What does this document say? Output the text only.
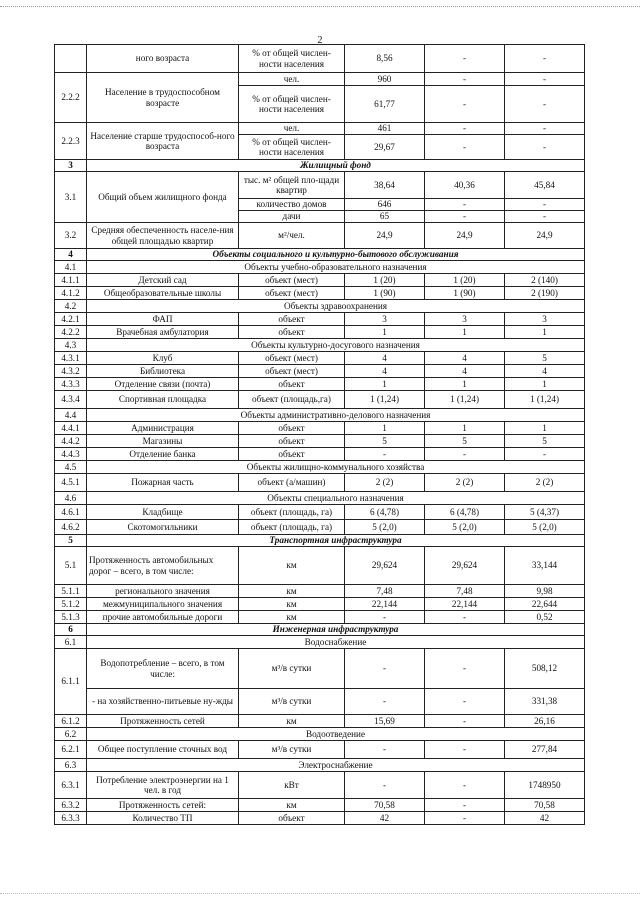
2
	ного возраста	% от общей числен-ности населения	8,56	-	-
2.2.2	Население в трудоспособном возрасте	чел.	960	-	-
		% от общей числен-ности населения	61,77	-	-
2.2.3	Население старше трудоспособ-ного возраста	чел.	461	-	-
		% от общей числен-ности населения	29,67	-	-
3	Жилищный фонд				
3.1	Общий объем жилищного фонда	тыс. м² общей пло-щади квартир	38,64	40,36	45,84
		количество домов	646	-	-
		дачи	65	-	-
3.2	Средняя обеспеченность населе-ния общей площадью квартир	м²/чел.	24,9	24,9	24,9
4	Объекты социального и культурно-бытового обслуживания				
4.1	Объекты учебно-образовательного назначения				
4.1.1	Детский сад	объект (мест)	1 (20)	1 (20)	2 (140)
4.1.2	Общеобразовательные школы	объект (мест)	1 (90)	1 (90)	2 (190)
4.2	Объекты здравоохранения				
4.2.1	ФАП	объект	3	3	3
4.2.2	Врачебная амбулатория	объект	1	1	1
4.3	Объекты культурно-досугового назначения				
4.3.1	Клуб	объект (мест)	4	4	5
4.3.2	Библиотека	объект (мест)	4	4	4
4.3.3	Отделение связи (почта)	объект	1	1	1
4.3.4	Спортивная площадка	объект (площадь,га)	1 (1,24)	1 (1,24)	1 (1,24)
4.4	Объекты административно-делового назначения				
4.4.1	Администрация	объект	1	1	1
4.4.2	Магазины	объект	5	5	5
4.4.3	Отделение банка	объект	-	-	-
4.5	Объекты жилищно-коммунального хозяйства				
4.5.1	Пожарная часть	объект (а/машин)	2 (2)	2 (2)	2 (2)
4.6	Объекты специального назначения				
4.6.1	Кладбище	объект (площадь, га)	6 (4,78)	6 (4,78)	5 (4,37)
4.6.2	Скотомогильники	объект (площадь, га)	5 (2,0)	5 (2,0)	5 (2,0)
5	Транспортная инфраструктура				
5.1	Протяженность автомобильных дорог – всего, в том числе:	км	29,624	29,624	33,144
5.1.1	регионального значения	км	7,48	7,48	9,98
5.1.2	межмуниципального значения	км	22,144	22,144	22,644
5.1.3	прочие автомобильные дороги	км	-	-	0,52
6	Инженерная инфраструктура				
6.1	Водоснабжение				
6.1.1	Водопотребление – всего, в том числе:	м³/в сутки	-	-	508,12
	- на хозяйственно-питьевые ну-жды	м³/в сутки	-	-	331,38
6.1.2	Протяженность сетей	км	15,69	-	26,16
6.2	Водоотведение				
6.2.1	Общее поступление сточных вод	м³/в сутки	-	-	277,84
6.3	Электроснабжение				
6.3.1	Потребление электроэнергии на 1 чел. в год	кВт	-	-	1748950
6.3.2	Протяженность сетей:	км	70,58	-	70,58
6.3.3	Количество ТП	объект	42	-	42
